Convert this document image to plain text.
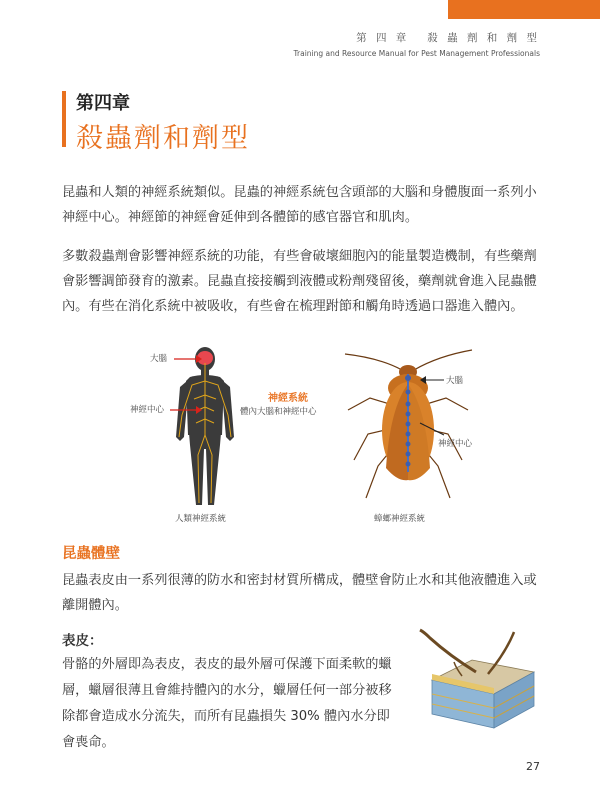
第 四 章 殺 蟲 劑 和 劑 型
Training and Resource Manual for Pest Management Professionals
第四章
殺蟲劑和劑型
昆蟲和人類的神經系統類似。昆蟲的神經系統包含頭部的大腦和身體腹面一系列小神經中心。神經節的神經會延伸到各體節的感官器官和肌肉。
多數殺蟲劑會影響神經系統的功能，有些會破壞細胞內的能量製造機制，有些藥劑會影響調節發育的激素。昆蟲直接接觸到液體或粉劑殘留後，藥劑就會進入昆蟲體內。有些在消化系統中被吸收，有些會在梳理跗節和觸角時透過口器進入體內。
大腦
神經中心
神經系統
體內大腦和神經中心
大腦
神經中心
人類神經系統	蟑螂神經系統
昆蟲體壁
昆蟲表皮由一系列很薄的防水和密封材質所構成，體壁會防止水和其他液體進入或離開體內。
表皮：
骨骼的外層即為表皮，表皮的最外層可保護下面柔軟的蠟層，蠟層很薄且會維持體內的水分，蠟層任何一部分被移除都會造成水分流失，而所有昆蟲損失 30% 體內水分即會喪命。
27
